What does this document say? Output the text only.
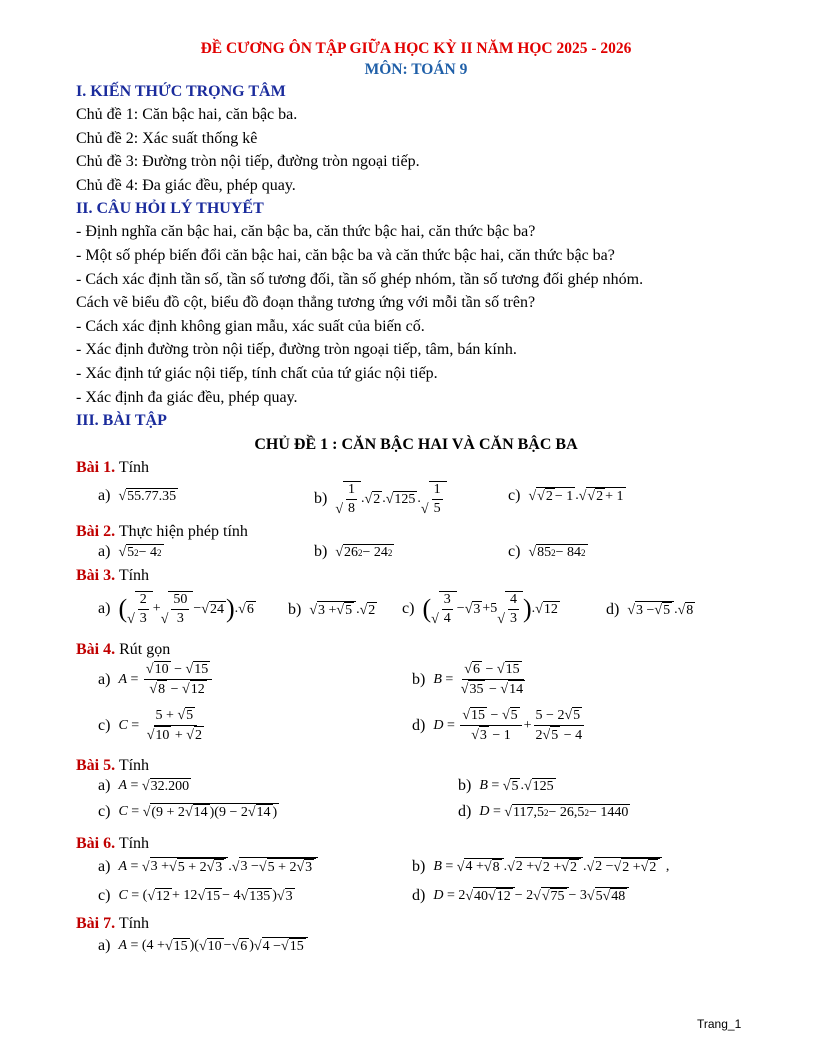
ĐỀ CƯƠNG ÔN TẬP GIỮA HỌC KỲ II NĂM HỌC 2025 - 2026
MÔN: TOÁN 9
I. KIẾN THỨC TRỌNG TÂM
Chủ đề 1: Căn bậc hai, căn bậc ba.
Chủ đề 2: Xác suất thống kê
Chủ đề 3: Đường tròn nội tiếp, đường tròn ngoại tiếp.
Chủ đề 4: Đa giác đều, phép quay.
II. CÂU HỎI LÝ THUYẾT
- Định nghĩa căn bậc hai, căn bậc ba, căn thức bậc hai, căn thức bậc ba?
- Một số phép biến đổi căn bậc hai, căn bậc ba và căn thức bậc hai, căn thức bậc ba?
- Cách xác định tần số, tần số tương đối, tần số ghép nhóm, tần số tương đối ghép nhóm.
Cách vẽ biểu đồ cột, biểu đồ đoạn thẳng tương ứng với mỗi tần số trên?
- Cách xác định không gian mẫu, xác suất của biến cố.
- Xác định đường tròn nội tiếp, đường tròn ngoại tiếp, tâm, bán kính.
- Xác định tứ giác nội tiếp, tính chất của tứ giác nội tiếp.
- Xác định đa giác đều, phép quay.
III. BÀI TẬP
CHỦ ĐỀ 1 : CĂN BẬC HAI VÀ CĂN BẬC BA
Bài 1. Tính
a) √ 55.77.35	b)
√
1
8
. √ 2 . √ 125 .
√
1
5
c) √ √ 2 − 1 . √ √ 2 + 1
Bài 2. Thực hiện phép tính
a) √ 5 2 − 4 2	b) √ 26 2 − 24 2	c) √ 85 2 − 84 2
Bài 3. Tính
a) ( √
2
3
+
√
50
3
− √ 24 ) . √ 6 b) √ 3 + √ 5 . √ 2 c) ( √
3
4
− √ 3 +5
√
4
3 ) . √ 12	d) √ 3 − √ 5 . √ 8
Bài 4. Rút gọn
a) A =
√ 10 − √ 15
√ 8 − √ 12
b) B =
√ 6 − √ 15
√ 35 − √ 14
c) C =
5 + √ 5
√ 10 + √ 2
d) D =
√ 15 − √ 5
√ 3 − 1
+
5 − 2 √ 5
2 √ 5 − 4
Bài 5. Tính
a) A = √ 32.200	b) B = √ 5 . √ 125
c) C = √ (9 + 2 √ 14 )(9 − 2 √ 14 )	d) D = √ 117,5 2 − 26,5 2 − 1440
Bài 6. Tính
a) A = √ 3 + √ 5 + 2 √ 3 . √ 3 − √ 5 + 2 √ 3	b) B = √ 4 + √ 8 . √ 2 + √ 2 + √ 2 . √ 2 − √ 2 + √ 2 ,
c) C = ( √ 12 + 12 √ 15 − 4 √ 135 ) √ 3	d) D = 2 √ 40 √ 12 − 2 √ √ 75 − 3 √ 5 √ 48
Bài 7. Tính
a) A = (4 + √ 15 )( √ 10 − √ 6 ) √ 4 − √ 15
Trang_1
